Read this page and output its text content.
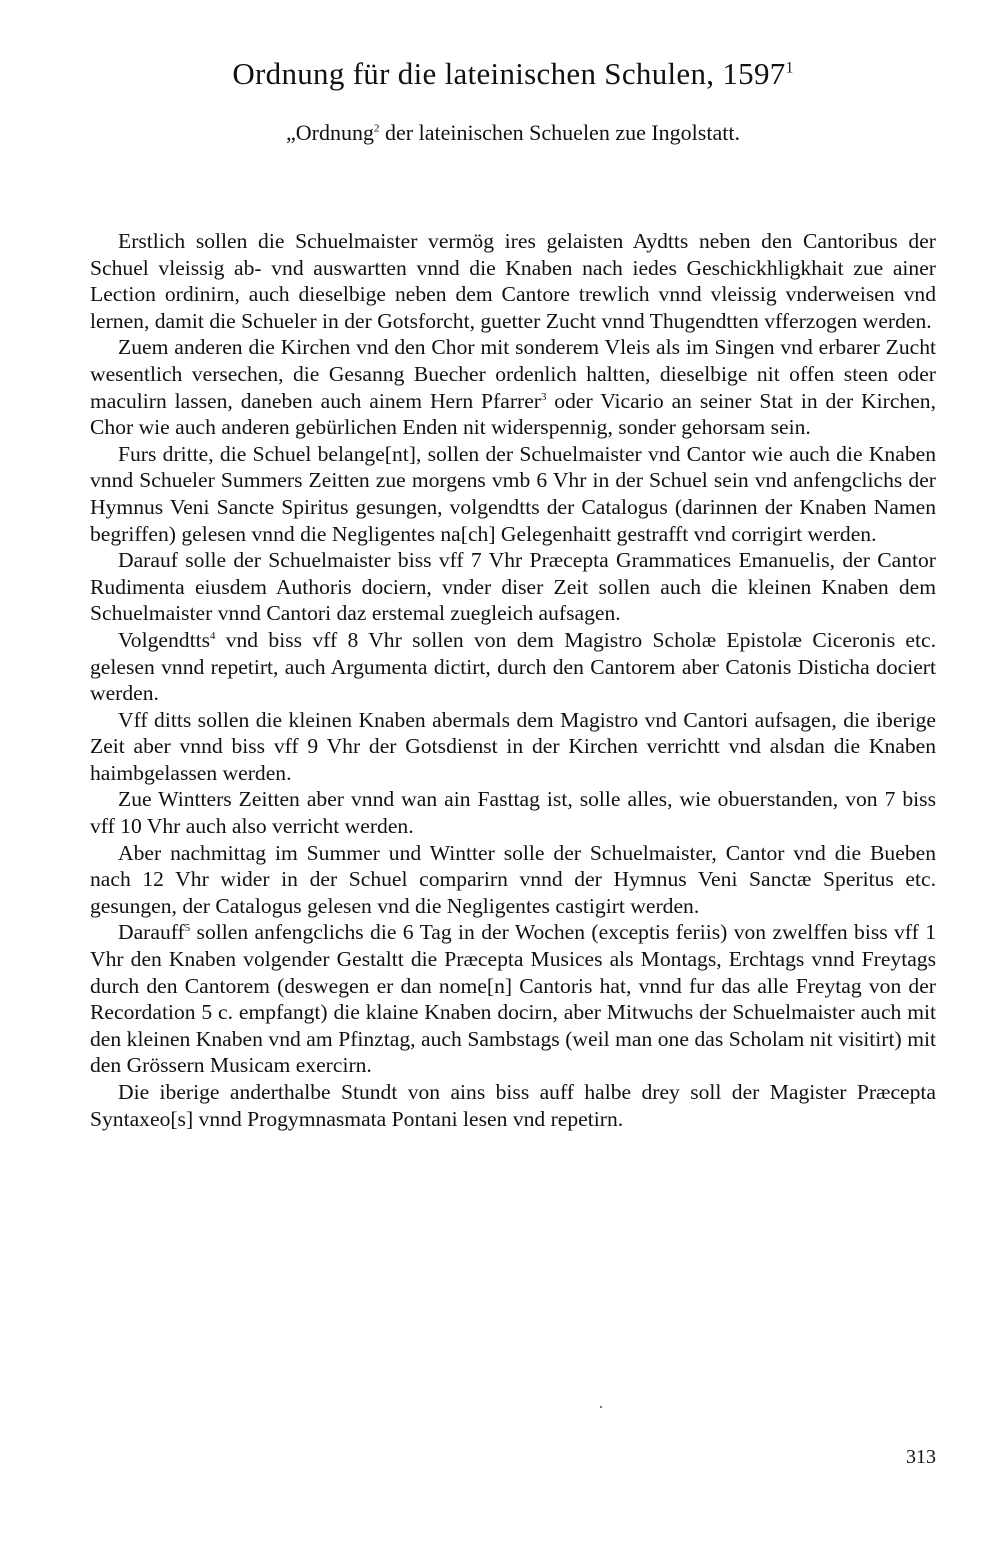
Ordnung für die lateinischen Schulen, 1597$^1$

„Ordnung$^2$ der lateinischen Schuelen zue Ingolstatt.

Erstlich sollen die Schuelmaister vermög ires gelaisten Aydtts neben den Cantoribus der Schuel vleissig ab- vnd auswartten vnnd die Knaben nach iedes Geschickhligkhait zue ainer Lection ordinirn, auch dieselbige neben dem Cantore trewlich vnnd vleissig vnderweisen vnd lernen, damit die Schueler in der Gotsforcht, guetter Zucht vnnd Thugendtten vfferzogen werden.

Zuem anderen die Kirchen vnd den Chor mit sonderem Vleis als im Singen vnd erbarer Zucht wesentlich versechen, die Gesanng Buecher ordenlich haltten, dieselbige nit offen steen oder maculirn lassen, daneben auch ainem Hern Pfarrer$^3$ oder Vicario an seiner Stat in der Kirchen, Chor wie auch anderen gebürlichen Enden nit widerspennig, sonder gehorsam sein.

Furs dritte, die Schuel belange[nt], sollen der Schuelmaister vnd Cantor wie auch die Knaben vnnd Schueler Summers Zeitten zue morgens vmb 6 Vhr in der Schuel sein vnd anfengclichs der Hymnus Veni Sancte Spiritus gesungen, volgendtts der Catalogus (darinnen der Knaben Namen begriffen) gelesen vnnd die Negligentes na[ch] Gelegenhaitt gestrafft vnd corrigirt werden.

Darauf solle der Schuelmaister biss vff 7 Vhr Præcepta Grammatices Emanuelis, der Cantor Rudimenta eiusdem Authoris dociern, vnder diser Zeit sollen auch die kleinen Knaben dem Schuelmaister vnnd Cantori daz erstemal zuegleich aufsagen.

Volgendtts$^4$ vnd biss vff 8 Vhr sollen von dem Magistro Scholæ Epistolæ Ciceronis etc. gelesen vnnd repetirt, auch Argumenta dictirt, durch den Cantorem aber Catonis Disticha dociert werden.

Vff ditts sollen die kleinen Knaben abermals dem Magistro vnd Cantori aufsagen, die iberige Zeit aber vnnd biss vff 9 Vhr der Gotsdienst in der Kirchen verrichtt vnd alsdan die Knaben haimbgelassen werden.

Zue Wintters Zeitten aber vnnd wan ain Fasttag ist, solle alles, wie obuerstanden, von 7 biss vff 10 Vhr auch also verricht werden.

Aber nachmittag im Summer und Wintter solle der Schuelmaister, Cantor vnd die Bueben nach 12 Vhr wider in der Schuel comparirn vnnd der Hymnus Veni Sanctæ Speritus etc. gesungen, der Catalogus gelesen vnd die Negligentes castigirt werden.

Darauff$^5$ sollen anfengclichs die 6 Tag in der Wochen (exceptis feriis) von zwelffen biss vff 1 Vhr den Knaben volgender Gestaltt die Præcepta Musices als Montags, Erchtags vnnd Freytags durch den Cantorem (deswegen er dan nome[n] Cantoris hat, vnnd fur das alle Freytag von der Recordation 5 c. empfangt) die klaine Knaben docirn, aber Mitwuchs der Schuelmaister auch mit den kleinen Knaben vnd am Pfinztag, auch Sambstags (weil man one das Scholam nit visitirt) mit den Grössern Musicam exercirn.

Die iberige anderthalbe Stundt von ains biss auff halbe drey soll der Magister Præcepta Syntaxeo[s] vnnd Progymnasmata Pontani lesen vnd repetirn.

313
